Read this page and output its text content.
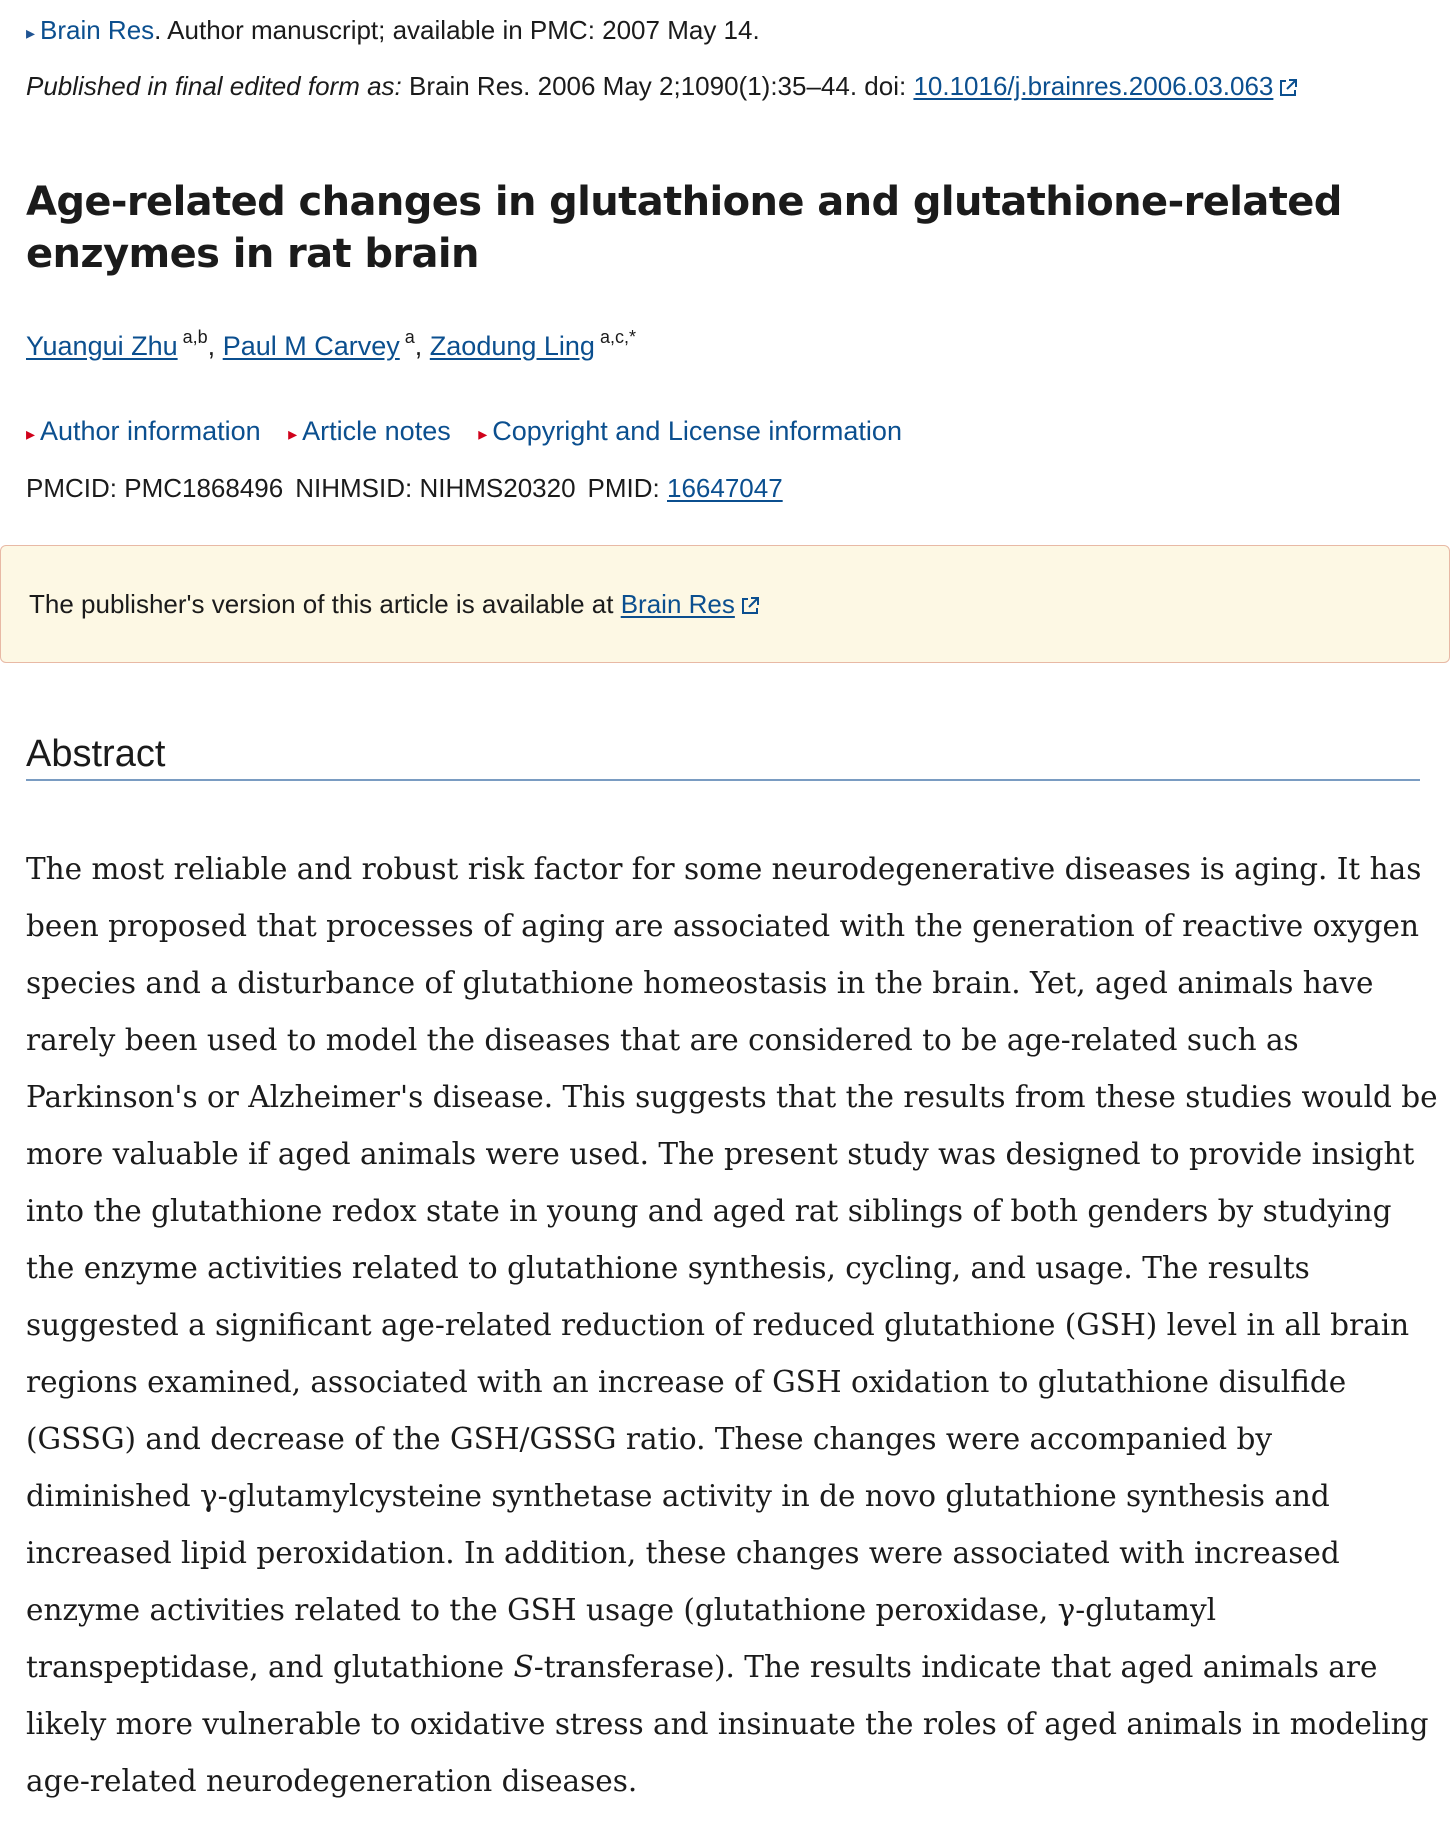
▸ Brain Res. Author manuscript; available in PMC: 2007 May 14.
Published in final edited form as: Brain Res. 2006 May 2;1090(1):35–44. doi: 10.1016/j.brainres.2006.03.063
Age-related changes in glutathione and glutathione-related enzymes in rat brain
Yuangui Zhu $^{a,b}$, Paul M Carvey $^a$, Zaodung Ling $^{a,c,*}$
▸ Author information ▸ Article notes ▸ Copyright and License information
PMCID: PMC1868496 NIHMSID: NIHMS20320 PMID: 16647047
The publisher's version of this article is available at Brain Res
Abstract

The most reliable and robust risk factor for some neurodegenerative diseases is aging. It has
been proposed that processes of aging are associated with the generation of reactive oxygen
species and a disturbance of glutathione homeostasis in the brain. Yet, aged animals have
rarely been used to model the diseases that are considered to be age-related such as
Parkinson's or Alzheimer's disease. This suggests that the results from these studies would be
more valuable if aged animals were used. The present study was designed to provide insight
into the glutathione redox state in young and aged rat siblings of both genders by studying
the enzyme activities related to glutathione synthesis, cycling, and usage. The results
suggested a significant age-related reduction of reduced glutathione (GSH) level in all brain
regions examined, associated with an increase of GSH oxidation to glutathione disulfide
(GSSG) and decrease of the GSH/GSSG ratio. These changes were accompanied by
diminished γ-glutamylcysteine synthetase activity in de novo glutathione synthesis and
increased lipid peroxidation. In addition, these changes were associated with increased
enzyme activities related to the GSH usage (glutathione peroxidase, γ-glutamyl
transpeptidase, and glutathione S-transferase). The results indicate that aged animals are
likely more vulnerable to oxidative stress and insinuate the roles of aged animals in modeling
age-related neurodegeneration diseases.
